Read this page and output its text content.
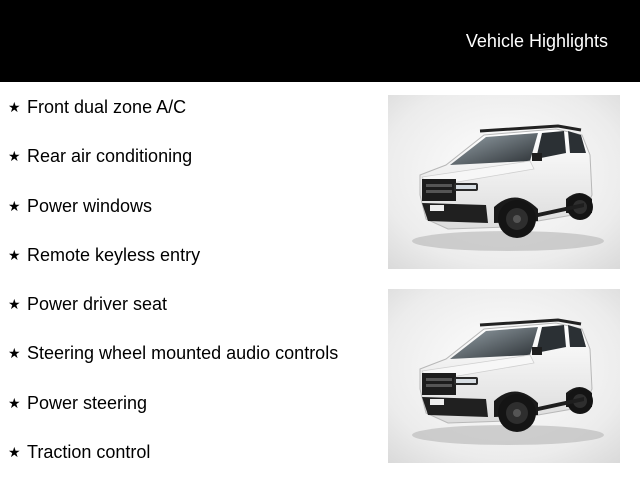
Vehicle Highlights
★ Front dual zone A/C
★ Rear air conditioning
★ Power windows
★ Remote keyless entry
★ Power driver seat
★ Steering wheel mounted audio controls
★ Power steering
★ Traction control
